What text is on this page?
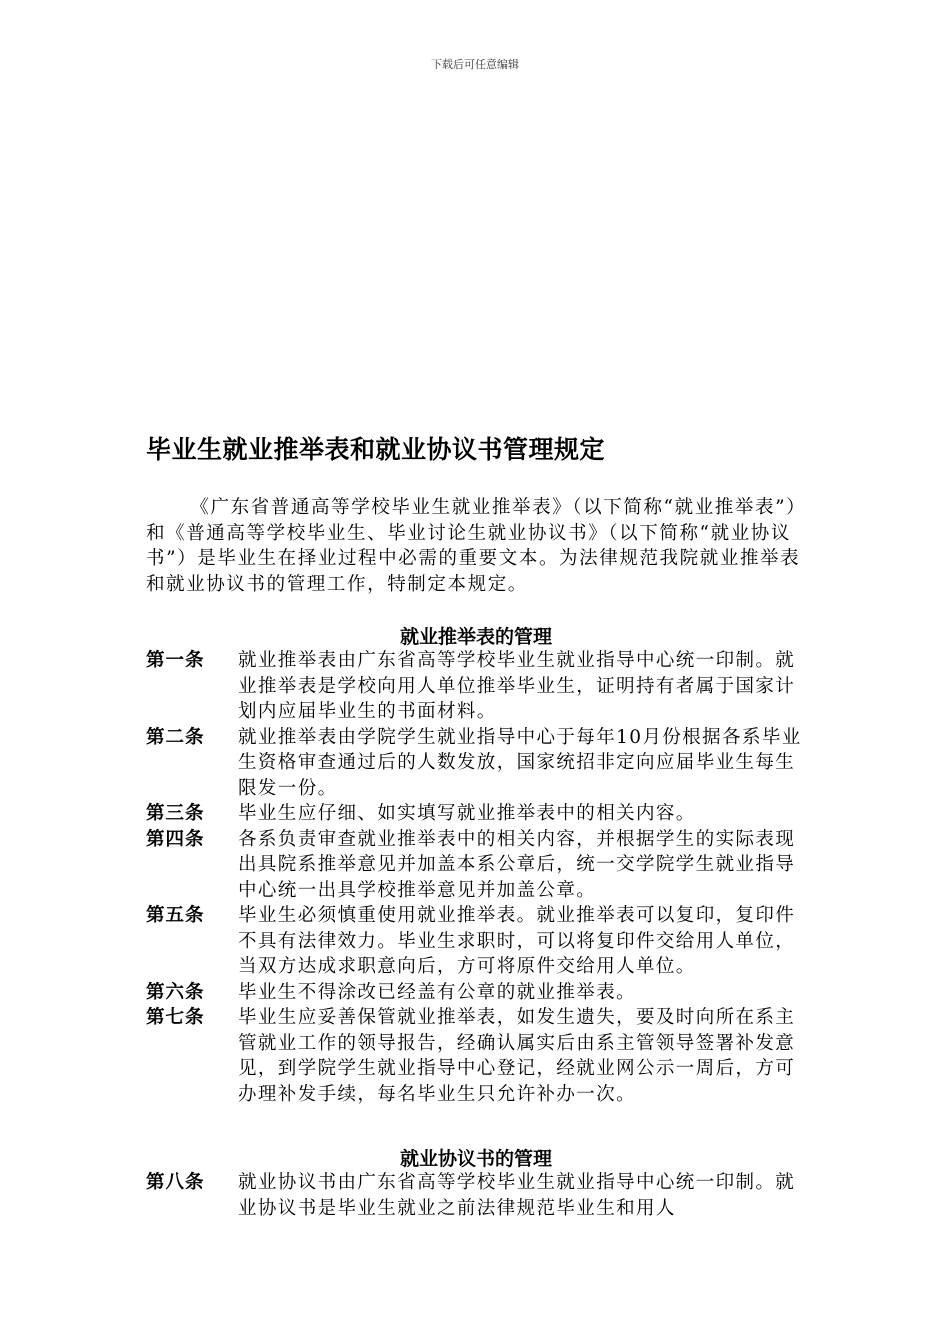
下载后可任意编辑
毕业生就业推举表和就业协议书管理规定

《广东省普通高等学校毕业生就业推举表》（以下简称“就业推举表”）和《普通高等学校毕业生、毕业讨论生就业协议书》（以下简称“就业协议书”）是毕业生在择业过程中必需的重要文本。为法律规范我院就业推举表和就业协议书的管理工作，特制定本规定。

就业推举表的管理
第一条	就业推举表由广东省高等学校毕业生就业指导中心统一印制。就业推举表是学校向用人单位推举毕业生，证明持有者属于国家计划内应届毕业生的书面材料。
第二条	就业推举表由学院学生就业指导中心于每年10月份根据各系毕业生资格审查通过后的人数发放，国家统招非定向应届毕业生每生限发一份。
第三条	毕业生应仔细、如实填写就业推举表中的相关内容。
第四条	各系负责审查就业推举表中的相关内容，并根据学生的实际表现出具院系推举意见并加盖本系公章后，统一交学院学生就业指导中心统一出具学校推举意见并加盖公章。
第五条	毕业生必须慎重使用就业推举表。就业推举表可以复印，复印件不具有法律效力。毕业生求职时，可以将复印件交给用人单位，当双方达成求职意向后，方可将原件交给用人单位。
第六条	毕业生不得涂改已经盖有公章的就业推举表。
第七条	毕业生应妥善保管就业推举表，如发生遗失，要及时向所在系主管就业工作的领导报告，经确认属实后由系主管领导签署补发意见，到学院学生就业指导中心登记，经就业网公示一周后，方可办理补发手续，每名毕业生只允许补办一次。
就业协议书的管理
第八条	就业协议书由广东省高等学校毕业生就业指导中心统一印制。就业协议书是毕业生就业之前法律规范毕业生和用人
